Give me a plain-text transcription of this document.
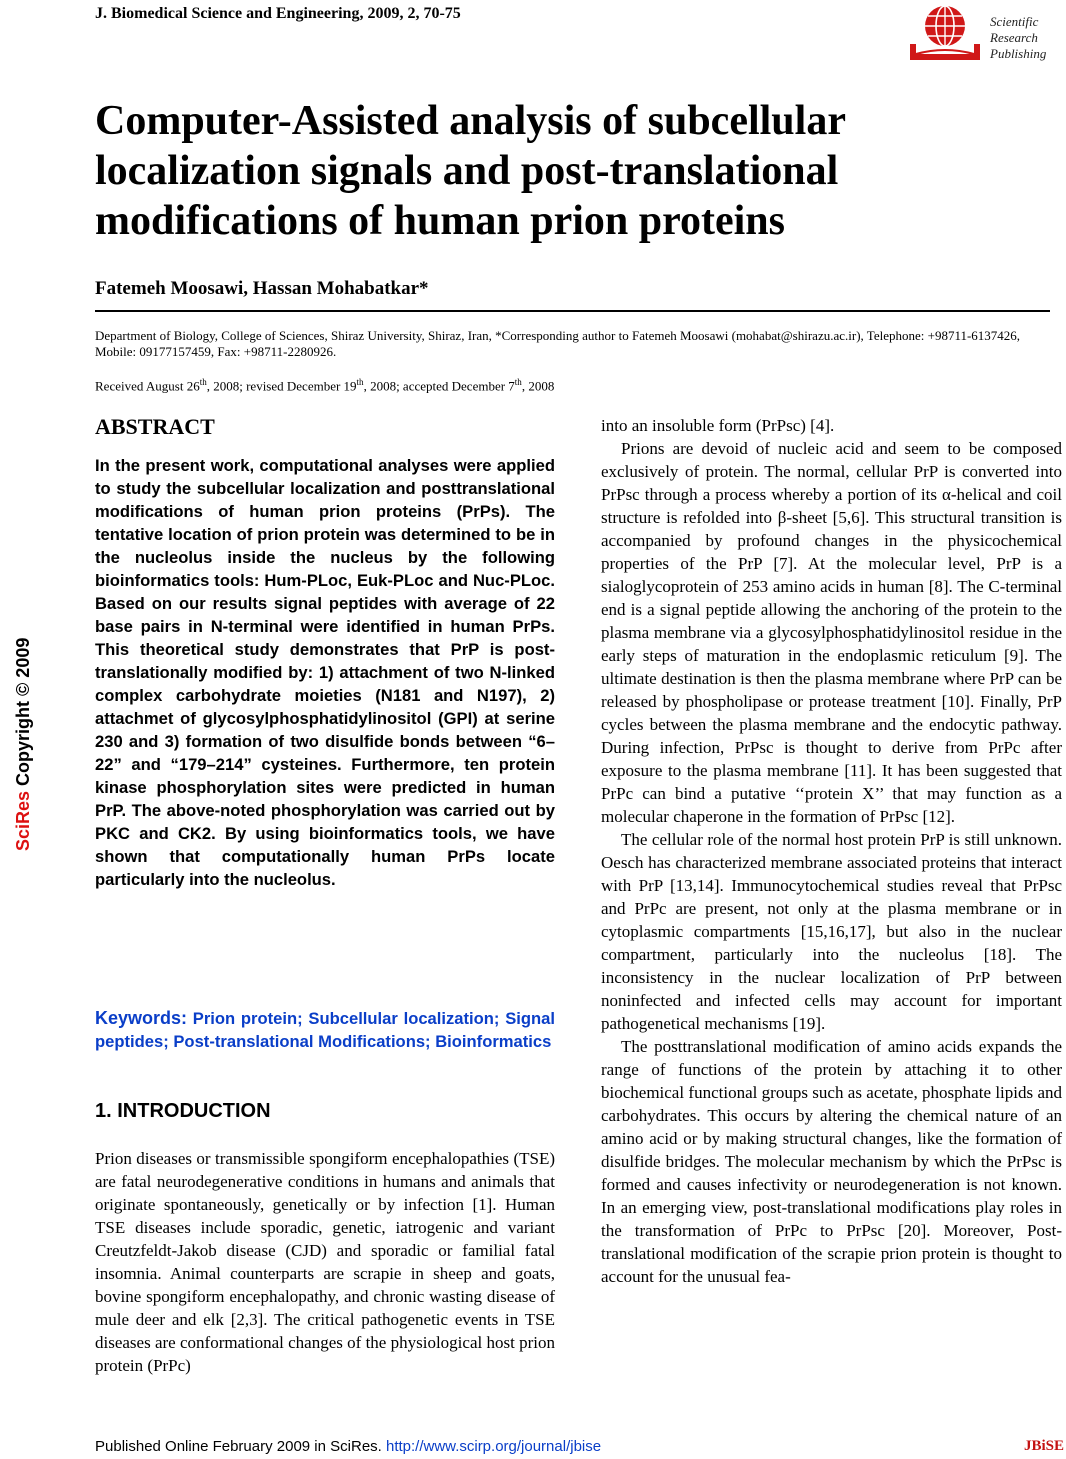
J. Biomedical Science and Engineering, 2009, 2, 70-75	Scientific
Research
Publishing
Computer-Assisted analysis of subcellular localization signals and post-translational modifications of human prion proteins
Fatemeh Moosawi, Hassan Mohabatkar*
Department of Biology, College of Sciences, Shiraz University, Shiraz, Iran, *Corresponding author to Fatemeh Moosawi (mohabat@shirazu.ac.ir), Telephone: +98711-6137426, Mobile: 09177157459, Fax: +98711-2280926.
Received August 26th, 2008; revised December 19th, 2008; accepted December 7th, 2008
ABSTRACT
In the present work, computational analyses were applied to study the subcellular localization and posttranslational modifications of human prion proteins (PrPs). The tentative location of prion protein was determined to be in the nucleolus inside the nucleus by the following bioinformatics tools: Hum-PLoc, Euk-PLoc and Nuc-PLoc. Based on our results signal peptides with average of 22 base pairs in N-terminal were identified in human PrPs. This theoretical study demonstrates that PrP is post-translationally modified by: 1) attachment of two N-linked complex carbohydrate moieties (N181 and N197), 2) attachmet of glycosylphosphatidylinositol (GPI) at serine 230 and 3) formation of two disulfide bonds between “6–22” and “179–214” cysteines. Furthermore, ten protein kinase phosphorylation sites were predicted in human PrP. The above-noted phosphorylation was carried out by PKC and CK2. By using bioinformatics tools, we have shown that computationally human PrPs locate particularly into the nucleolus.
Keywords: Prion protein; Subcellular localization; Signal peptides; Post-translational Modifications; Bioinformatics
1. INTRODUCTION
Prion diseases or transmissible spongiform encephalopathies (TSE) are fatal neurodegenerative conditions in humans and animals that originate spontaneously, genetically or by infection [1]. Human TSE diseases include sporadic, genetic, iatrogenic and variant Creutzfeldt-Jakob disease (CJD) and sporadic or familial fatal insomnia. Animal counterparts are scrapie in sheep and goats, bovine spongiform encephalopathy, and chronic wasting disease of mule deer and elk [2,3]. The critical pathogenetic events in TSE diseases are conformational changes of the physiological host prion protein (PrPc)

into an insoluble form (PrPsc) [4].

Prions are devoid of nucleic acid and seem to be composed exclusively of protein. The normal, cellular PrP is converted into PrPsc through a process whereby a portion of its α-helical and coil structure is refolded into β-sheet [5,6]. This structural transition is accompanied by profound changes in the physicochemical properties of the PrP [7]. At the molecular level, PrP is a sialoglycoprotein of 253 amino acids in human [8]. The C-terminal end is a signal peptide allowing the anchoring of the protein to the plasma membrane via a glycosylphosphatidylinositol residue in the early steps of maturation in the endoplasmic reticulum [9]. The ultimate destination is then the plasma membrane where PrP can be released by phospholipase or protease treatment [10]. Finally, PrP cycles between the plasma membrane and the endocytic pathway. During infection, PrPsc is thought to derive from PrPc after exposure to the plasma membrane [11]. It has been suggested that PrPc can bind a putative ‘‘protein X’’ that may function as a molecular chaperone in the formation of PrPsc [12].

The cellular role of the normal host protein PrP is still unknown. Oesch has characterized membrane associated proteins that interact with PrP [13,14]. Immunocytochemical studies reveal that PrPsc and PrPc are present, not only at the plasma membrane or in cytoplasmic compartments [15,16,17], but also in the nuclear compartment, particularly into the nucleolus [18]. The inconsistency in the nuclear localization of PrP between noninfected and infected cells may account for important pathogenetical mechanisms [19].

The posttranslational modification of amino acids expands the range of functions of the protein by attaching it to other biochemical functional groups such as acetate, phosphate lipids and carbohydrates. This occurs by altering the chemical nature of an amino acid or by making structural changes, like the formation of disulfide bridges. The molecular mechanism by which the PrPsc is formed and causes infectivity or neurodegeneration is not known. In an emerging view, post-translational modifications play roles in the transformation of PrPc to PrPsc [20]. Moreover, Post-translational modification of the scrapie prion protein is thought to account for the unusual fea-

SciRes Copyright © 2009
Published Online February 2009 in SciRes. http://www.scirp.org/journal/jbise	JBiSE
